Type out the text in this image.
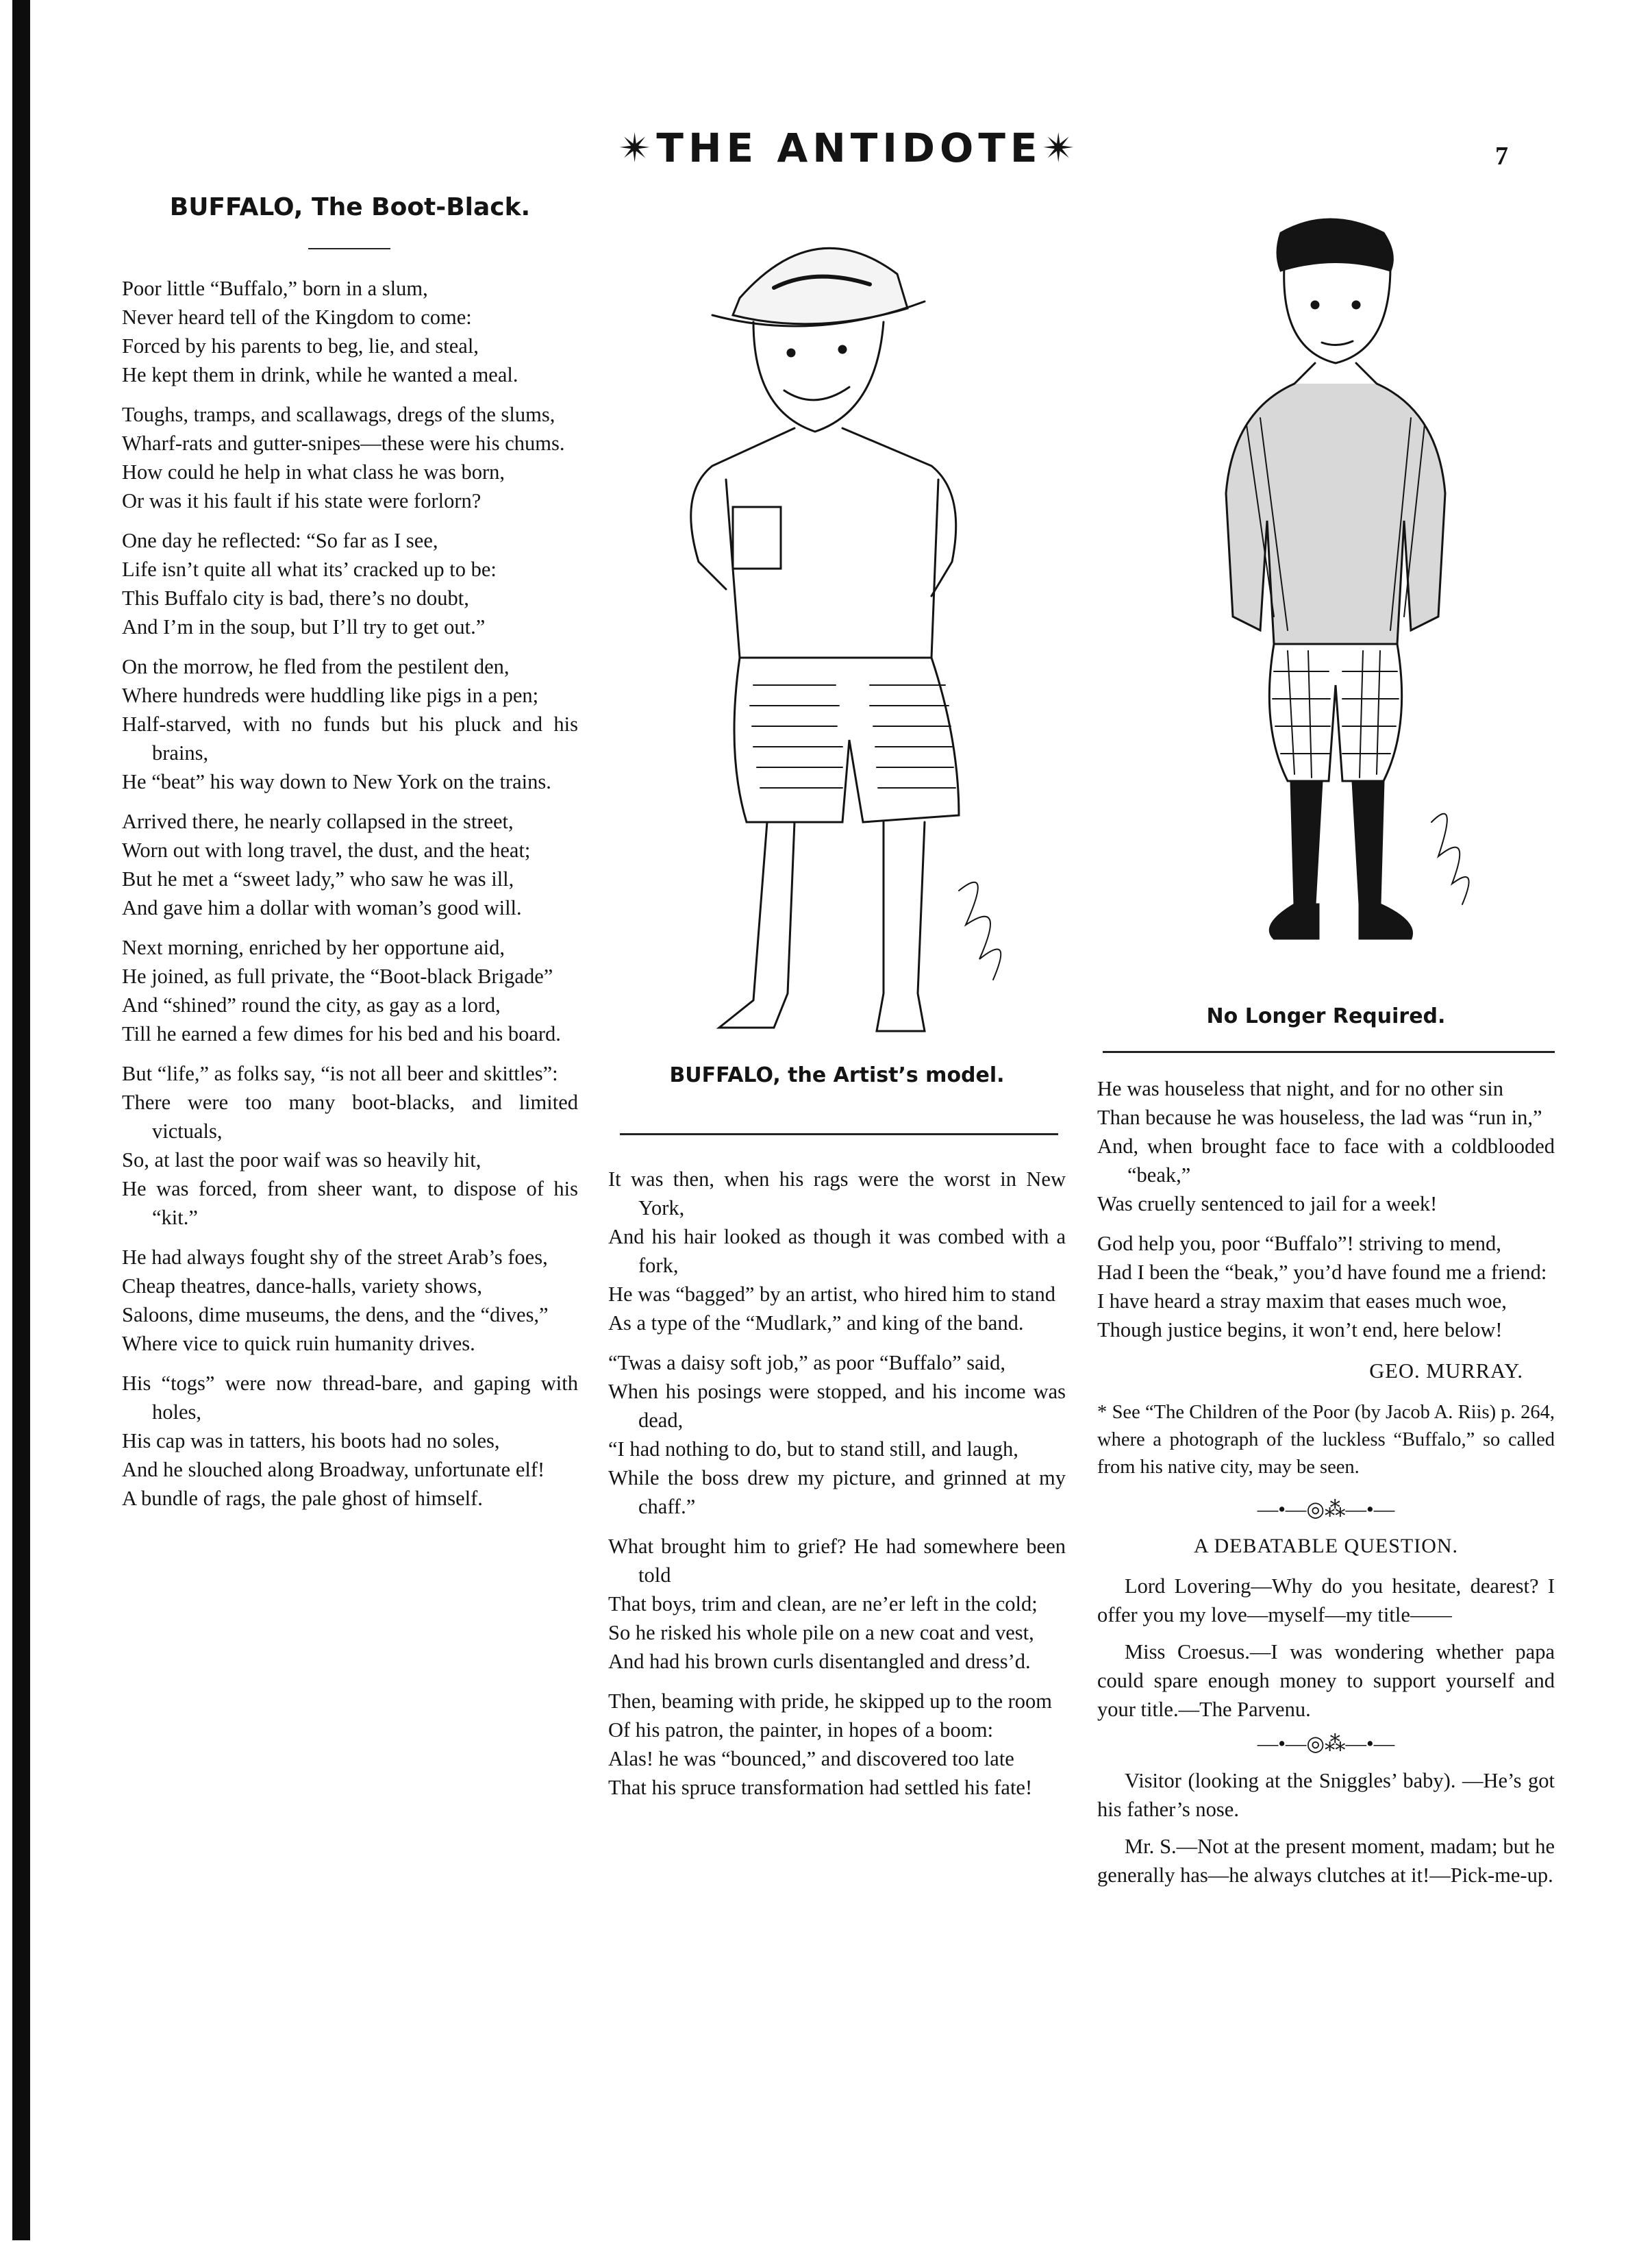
✴THE ANTIDOTE✴	7
BUFFALO, The Boot-Black.
Poor little “Buffalo,” born in a slum,
Never heard tell of the Kingdom to come:
Forced by his parents to beg, lie, and steal,
He kept them in drink, while he wanted a meal.
Toughs, tramps, and scallawags, dregs of the slums,
Wharf-rats and gutter-snipes—these were his chums.
How could he help in what class he was born,
Or was it his fault if his state were forlorn?
One day he reflected: “So far as I see,
Life isn’t quite all what its’ cracked up to be:
This Buffalo city is bad, there’s no doubt,
And I’m in the soup, but I’ll try to get out.”
On the morrow, he fled from the pestilent den,
Where hundreds were huddling like pigs in a pen;
Half-starved, with no funds but his pluck and his brains,
He “beat” his way down to New York on the trains.
Arrived there, he nearly collapsed in the street,
Worn out with long travel, the dust, and the heat;
But he met a “sweet lady,” who saw he was ill,
And gave him a dollar with woman’s good will.
Next morning, enriched by her opportune aid,
He joined, as full private, the “Boot-black Brigade”
And “shined” round the city, as gay as a lord,
Till he earned a few dimes for his bed and his board.
But “life,” as folks say, “is not all beer and skittles”:
There were too many boot-blacks, and limited victuals,
So, at last the poor waif was so heavily hit,
He was forced, from sheer want, to dispose of his “kit.”
He had always fought shy of the street Arab’s foes,
Cheap theatres, dance-halls, variety shows,
Saloons, dime museums, the dens, and the “dives,”
Where vice to quick ruin humanity drives.
His “togs” were now thread-bare, and gaping with holes,
His cap was in tatters, his boots had no soles,
And he slouched along Broadway, unfortunate elf!
A bundle of rags, the pale ghost of himself.
BUFFALO, the Artist’s model.
No Longer Required.
It was then, when his rags were the worst in New York,
And his hair looked as though it was combed with a fork,
He was “bagged” by an artist, who hired him to stand
As a type of the “Mudlark,” and king of the band.
“Twas a daisy soft job,” as poor “Buffalo” said,
When his posings were stopped, and his income was dead,
“I had nothing to do, but to stand still, and laugh,
While the boss drew my picture, and grinned at my chaff.”
What brought him to grief? He had somewhere been told
That boys, trim and clean, are ne’er left in the cold;
So he risked his whole pile on a new coat and vest,
And had his brown curls disentangled and dress’d.
Then, beaming with pride, he skipped up to the room
Of his patron, the painter, in hopes of a boom:
Alas! he was “bounced,” and discovered too late
That his spruce transformation had settled his fate!
He was houseless that night, and for no other sin
Than because he was houseless, the lad was “run in,”
And, when brought face to face with a coldblooded “beak,”
Was cruelly sentenced to jail for a week!
God help you, poor “Buffalo”! striving to mend,
Had I been the “beak,” you’d have found me a friend:
I have heard a stray maxim that eases much woe,
Though justice begins, it won’t end, here below!
GEO. MURRAY.
* See “The Children of the Poor (by Jacob A. Riis) p. 264, where a photograph of the luckless “Buffalo,” so called from his native city, may be seen.
—•—◎⁂—•—
A DEBATABLE QUESTION.
Lord Lovering—Why do you hesitate, dearest? I offer you my love—myself—my title——
Miss Croesus.—I was wondering whether papa could spare enough money to support yourself and your title.—The Parvenu.
—•—◎⁂—•—
Visitor (looking at the Sniggles’ baby). —He’s got his father’s nose.
Mr. S.—Not at the present moment, madam; but he generally has—he always clutches at it!—Pick-me-up.
